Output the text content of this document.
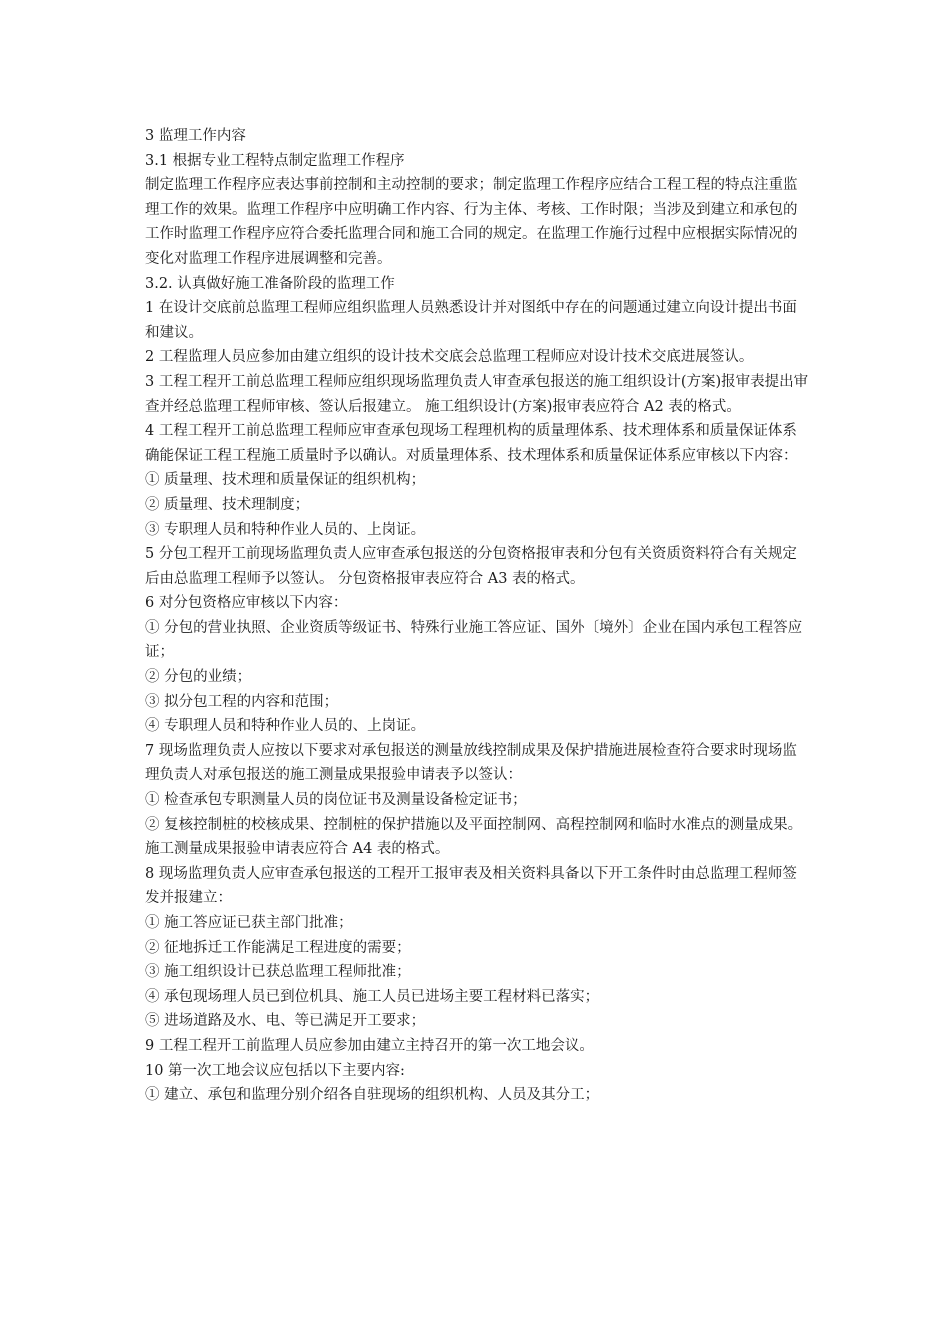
3 监理工作内容

3.1 根据专业工程特点制定监理工作程序

制定监理工作程序应表达事前控制和主动控制的要求；制定监理工作程序应结合工程工程的特点注重监理工作的效果。监理工作程序中应明确工作内容、行为主体、考核、工作时限；当涉及到建立和承包的工作时监理工作程序应符合委托监理合同和施工合同的规定。在监理工作施行过程中应根据实际情况的变化对监理工作程序进展调整和完善。

3.2. 认真做好施工准备阶段的监理工作

1 在设计交底前总监理工程师应组织监理人员熟悉设计并对图纸中存在的问题通过建立向设计提出书面和建议。

2 工程监理人员应参加由建立组织的设计技术交底会总监理工程师应对设计技术交底进展签认。

3 工程工程开工前总监理工程师应组织现场监理负责人审查承包报送的施工组织设计(方案)报审表提出审查并经总监理工程师审核、签认后报建立。 施工组织设计(方案)报审表应符合 A2 表的格式。

4 工程工程开工前总监理工程师应审查承包现场工程理机构的质量理体系、技术理体系和质量保证体系确能保证工程工程施工质量时予以确认。对质量理体系、技术理体系和质量保证体系应审核以下内容：

① 质量理、技术理和质量保证的组织机构；

② 质量理、技术理制度；

③ 专职理人员和特种作业人员的、上岗证。

5 分包工程开工前现场监理负责人应审查承包报送的分包资格报审表和分包有关资质资料符合有关规定后由总监理工程师予以签认。 分包资格报审表应符合 A3 表的格式。

6 对分包资格应审核以下内容：

① 分包的营业执照、企业资质等级证书、特殊行业施工答应证、国外〔境外〕企业在国内承包工程答应证；

② 分包的业绩；

③ 拟分包工程的内容和范围；

④ 专职理人员和特种作业人员的、上岗证。

7 现场监理负责人应按以下要求对承包报送的测量放线控制成果及保护措施进展检查符合要求时现场监理负责人对承包报送的施工测量成果报验申请表予以签认：

① 检查承包专职测量人员的岗位证书及测量设备检定证书；

② 复核控制桩的校核成果、控制桩的保护措施以及平面控制网、高程控制网和临时水准点的测量成果。

施工测量成果报验申请表应符合 A4 表的格式。

8 现场监理负责人应审查承包报送的工程开工报审表及相关资料具备以下开工条件时由总监理工程师签发并报建立：

① 施工答应证已获主部门批准；

② 征地拆迁工作能满足工程进度的需要；

③ 施工组织设计已获总监理工程师批准；

④ 承包现场理人员已到位机具、施工人员已进场主要工程材料已落实；

⑤ 进场道路及水、电、等已满足开工要求；

9 工程工程开工前监理人员应参加由建立主持召开的第一次工地会议。

10 第一次工地会议应包括以下主要内容:

① 建立、承包和监理分别介绍各自驻现场的组织机构、人员及其分工；
